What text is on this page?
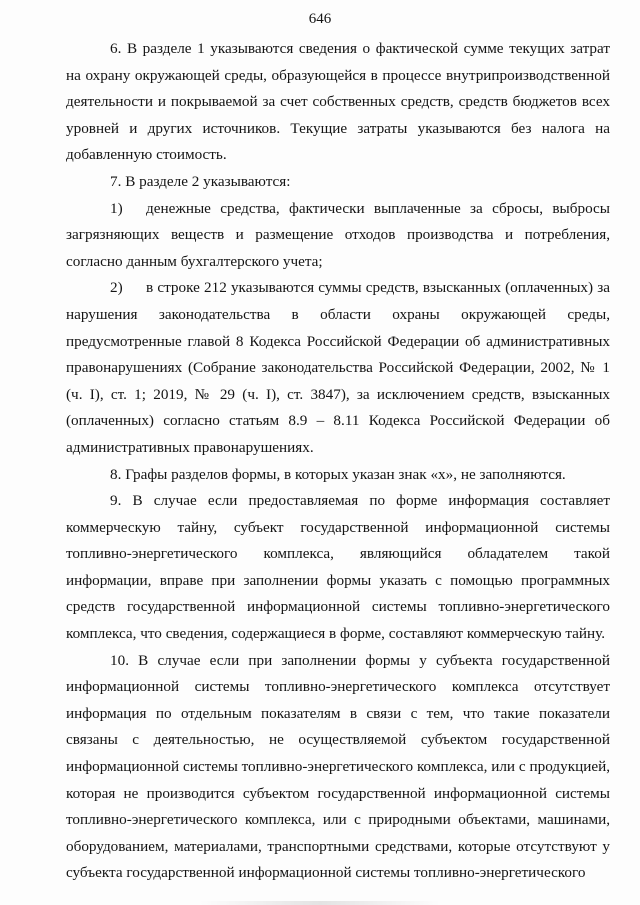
646

6. В разделе 1 указываются сведения о фактической сумме текущих затрат на охрану окружающей среды, образующейся в процессе внутрипроизводственной деятельности и покрываемой за счет собственных средств, средств бюджетов всех уровней и других источников. Текущие затраты указываются без налога на добавленную стоимость.

7. В разделе 2 указываются:

1) денежные средства, фактически выплаченные за сбросы, выбросы загрязняющих веществ и размещение отходов производства и потребления, согласно данным бухгалтерского учета;

2) в строке 212 указываются суммы средств, взысканных (оплаченных) за нарушения законодательства в области охраны окружающей среды, предусмотренные главой 8 Кодекса Российской Федерации об административных правонарушениях (Собрание законодательства Российской Федерации, 2002, № 1 (ч. I), ст. 1; 2019, № 29 (ч. I), ст. 3847), за исключением средств, взысканных (оплаченных) согласно статьям 8.9 – 8.11 Кодекса Российской Федерации об административных правонарушениях.

8. Графы разделов формы, в которых указан знак «х», не заполняются.

9. В случае если предоставляемая по форме информация составляет коммерческую тайну, субъект государственной информационной системы топливно-энергетического комплекса, являющийся обладателем такой информации, вправе при заполнении формы указать с помощью программных средств государственной информационной системы топливно-энергетического комплекса, что сведения, содержащиеся в форме, составляют коммерческую тайну.

10. В случае если при заполнении формы у субъекта государственной информационной системы топливно-энергетического комплекса отсутствует информация по отдельным показателям в связи с тем, что такие показатели связаны с деятельностью, не осуществляемой субъектом государственной информационной системы топливно-энергетического комплекса, или с продукцией, которая не производится субъектом государственной информационной системы топливно-энергетического комплекса, или с природными объектами, машинами, оборудованием, материалами, транспортными средствами, которые отсутствуют у субъекта государственной информационной системы топливно-энергетического
